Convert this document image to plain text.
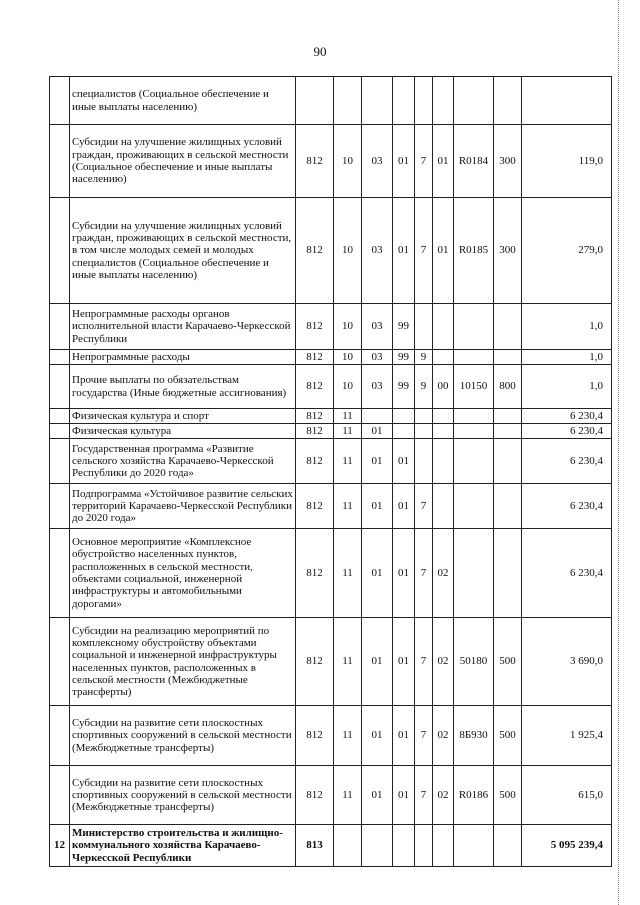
90
	специалистов (Социальное обеспечение и иные выплаты населению)									
	Субсидии на улучшение жилищных условий граждан, проживающих в сельской местности (Социальное обеспечение и иные выплаты населению)	812	10	03	01	7	01	R0184	300	119,0
	Субсидии на улучшение жилищных условий граждан, проживающих в сельской местности, в том числе молодых семей и молодых специалистов (Социальное обеспечение и иные выплаты населению)	812	10	03	01	7	01	R0185	300	279,0
	Непрограммные расходы органов исполнительной власти Карачаево-Черкесской Республики	812	10	03	99					1,0
	Непрограммные расходы	812	10	03	99	9				1,0
	Прочие выплаты по обязательствам государства (Иные бюджетные ассигнования)	812	10	03	99	9	00	10150	800	1,0
	Физическая культура и спорт	812	11							6 230,4
	Физическая культура	812	11	01						6 230,4
	Государственная программа «Развитие сельского хозяйства Карачаево-Черкесской Республики до 2020 года»	812	11	01	01					6 230,4
	Подпрограмма «Устойчивое развитие сельских территорий Карачаево-Черкесской Республики до 2020 года»	812	11	01	01	7				6 230,4
	Основное мероприятие «Комплексное обустройство населенных пунктов, расположенных в сельской местности, объектами социальной, инженерной инфраструктуры и автомобильными дорогами»	812	11	01	01	7	02			6 230,4
	Субсидии на реализацию мероприятий по комплексному обустройству объектами социальной и инженерной инфраструктуры населенных пунктов, расположенных в сельской местности (Межбюджетные трансферты)	812	11	01	01	7	02	50180	500	3 690,0
	Субсидии на развитие сети плоскостных спортивных сооружений в сельской местности (Межбюджетные трансферты)	812	11	01	01	7	02	8Б930	500	1 925,4
	Субсидии на развитие сети плоскостных спортивных сооружений в сельской местности (Межбюджетные трансферты)	812	11	01	01	7	02	R0186	500	615,0
12	Министерство строительства и жилищно-коммунального хозяйства Карачаево-Черкесской Республики	813								5 095 239,4
